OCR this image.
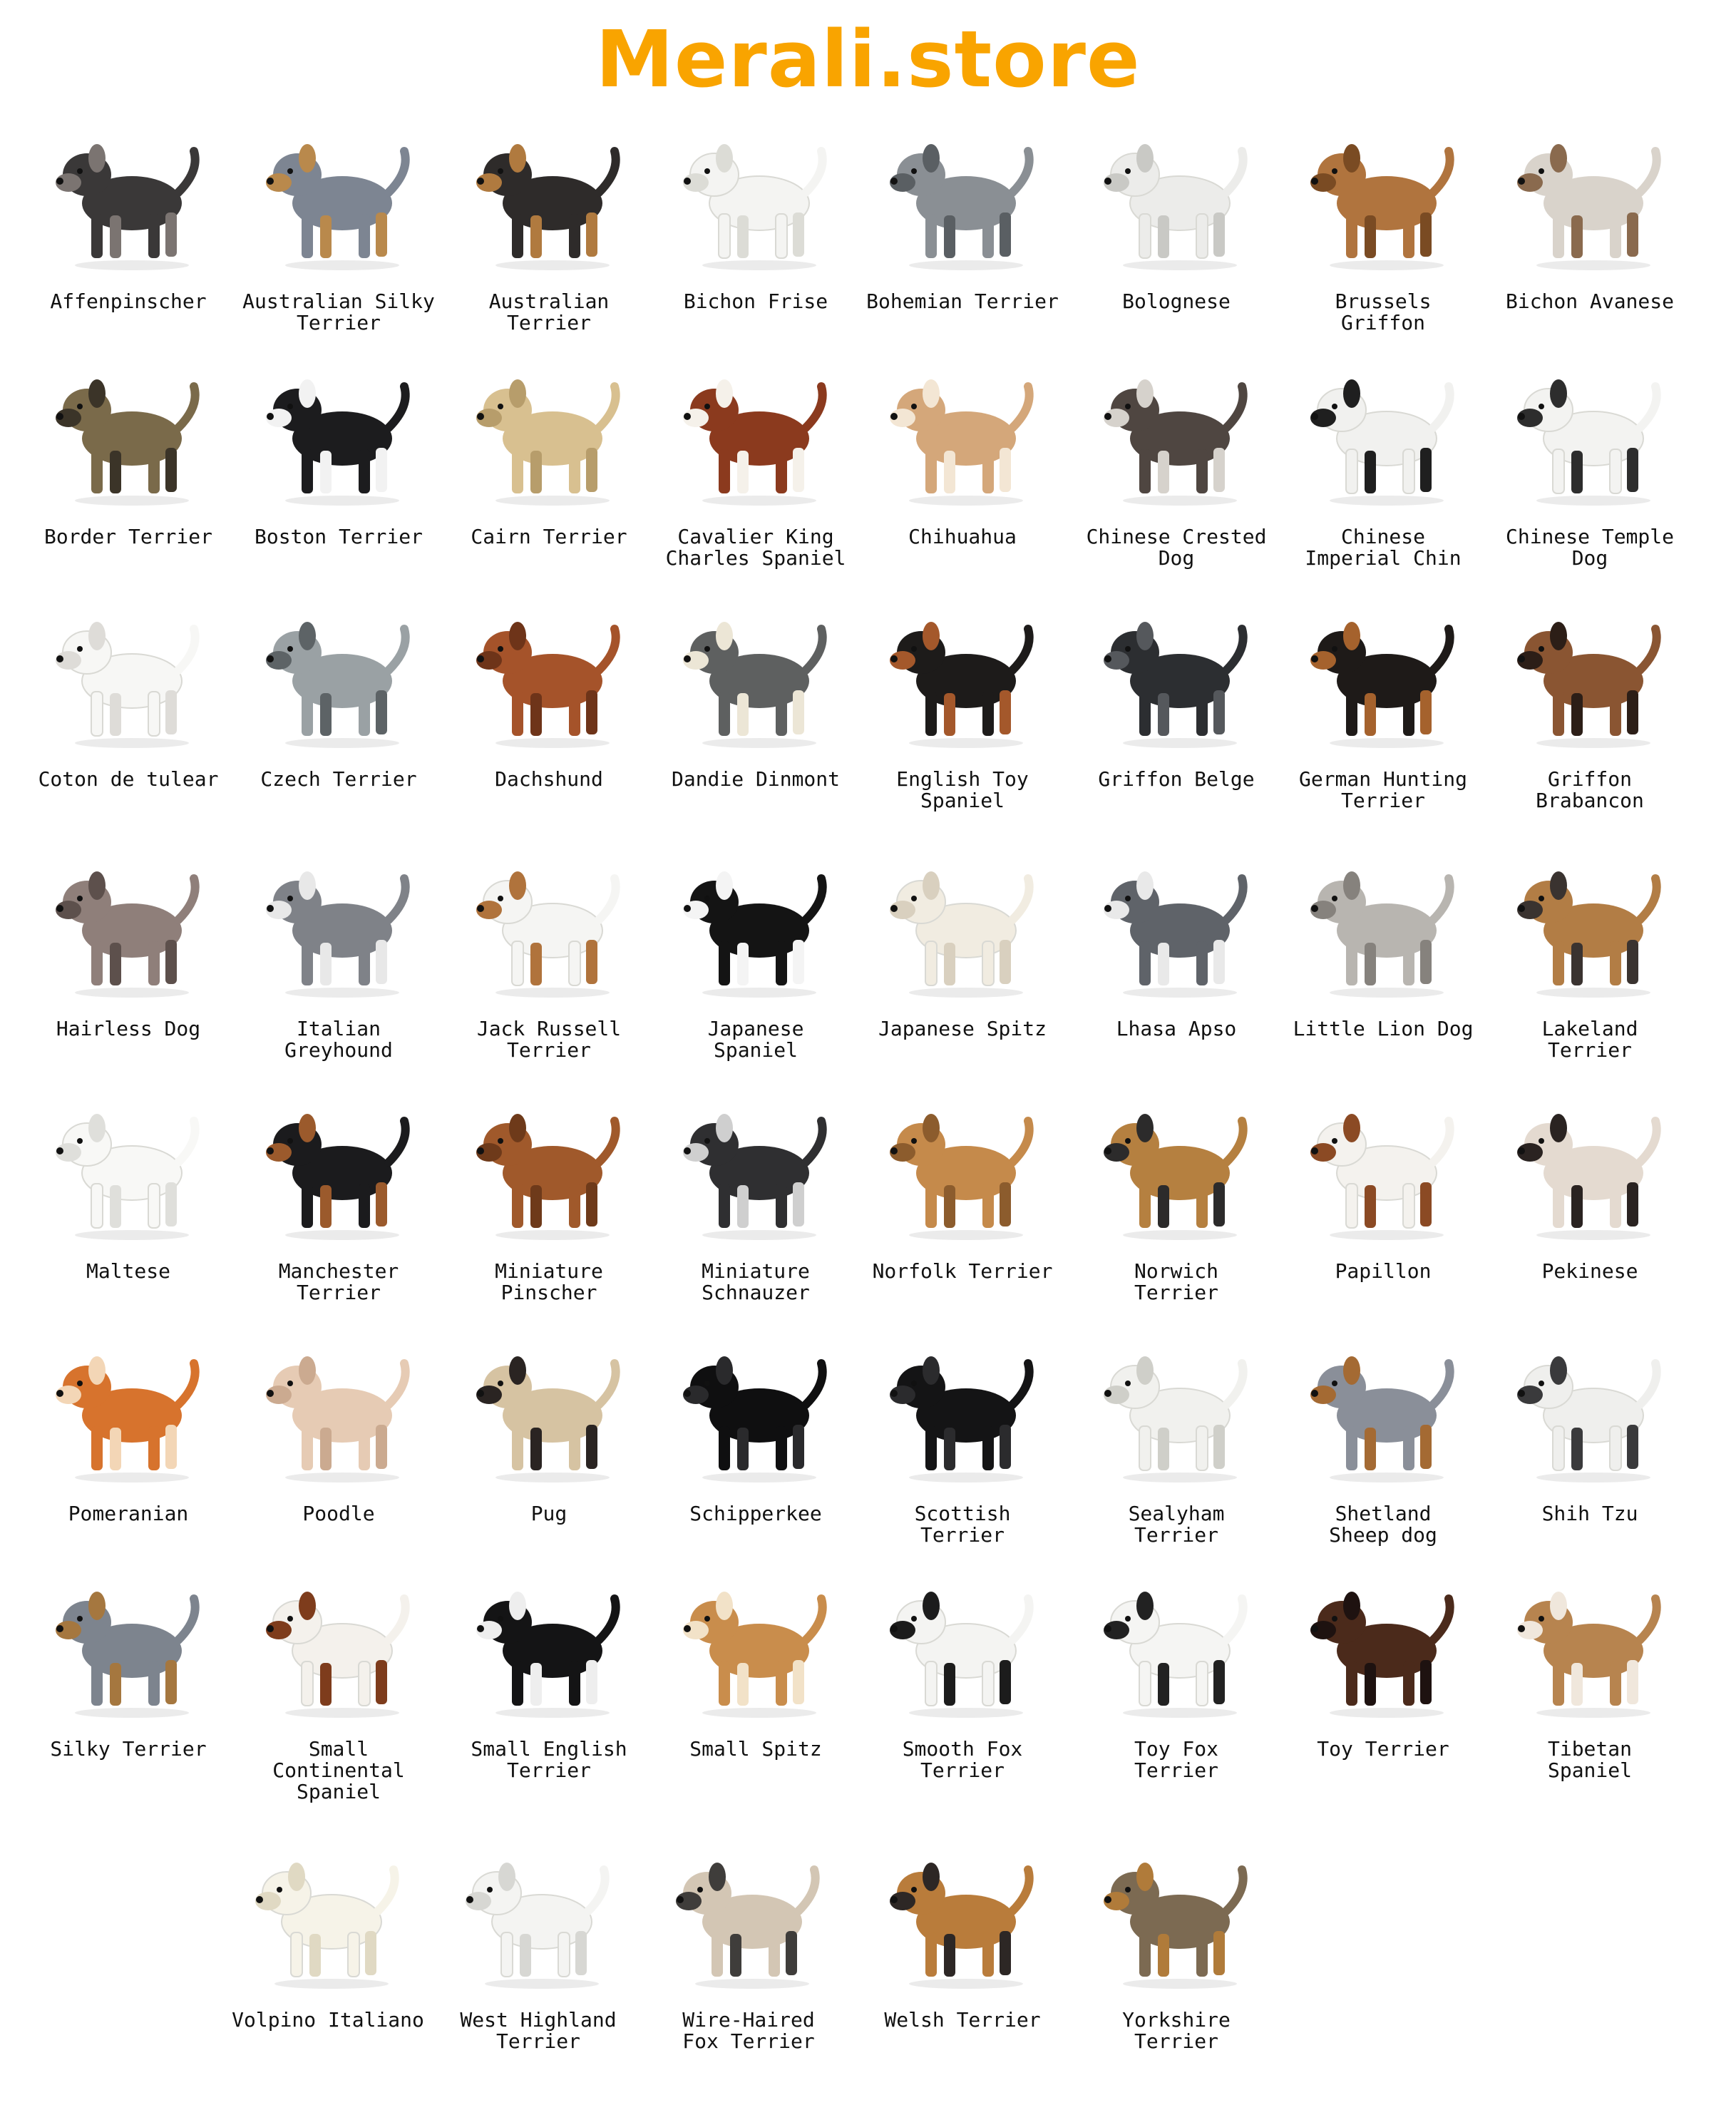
Merali.store
Affenpinscher	Australian Silky
Terrier
Australian
Terrier
Bichon Frise	Bohemian Terrier	Bolognese	Brussels
Griffon
Bichon Avanese
Border Terrier	Boston Terrier	Cairn Terrier	Cavalier King
Charles Spaniel
Chihuahua	Chinese Crested
Dog
Chinese
Imperial Chin
Chinese Temple
Dog
Coton de tulear	Czech Terrier	Dachshund	Dandie Dinmont	English Toy
Spaniel
Griffon Belge	German Hunting
Terrier
Griffon
Brabancon
Hairless Dog	Italian
Greyhound
Jack Russell
Terrier
Japanese
Spaniel
Japanese Spitz	Lhasa Apso	Little Lion Dog	Lakeland
Terrier
Maltese	Manchester
Terrier
Miniature
Pinscher
Miniature
Schnauzer
Norfolk Terrier	Norwich
Terrier
Papillon	Pekinese
Pomeranian	Poodle	Pug	Schipperkee	Scottish
Terrier
Sealyham
Terrier
Shetland
Sheep dog
Shih Tzu
Silky Terrier	Small
Continental
Spaniel
Small English
Terrier
Small Spitz	Smooth Fox
Terrier
Toy Fox
Terrier
Toy Terrier	Tibetan
Spaniel
Volpino Italiano	West Highland
Terrier
Wire-Haired
Fox Terrier
Welsh Terrier	Yorkshire
Terrier
